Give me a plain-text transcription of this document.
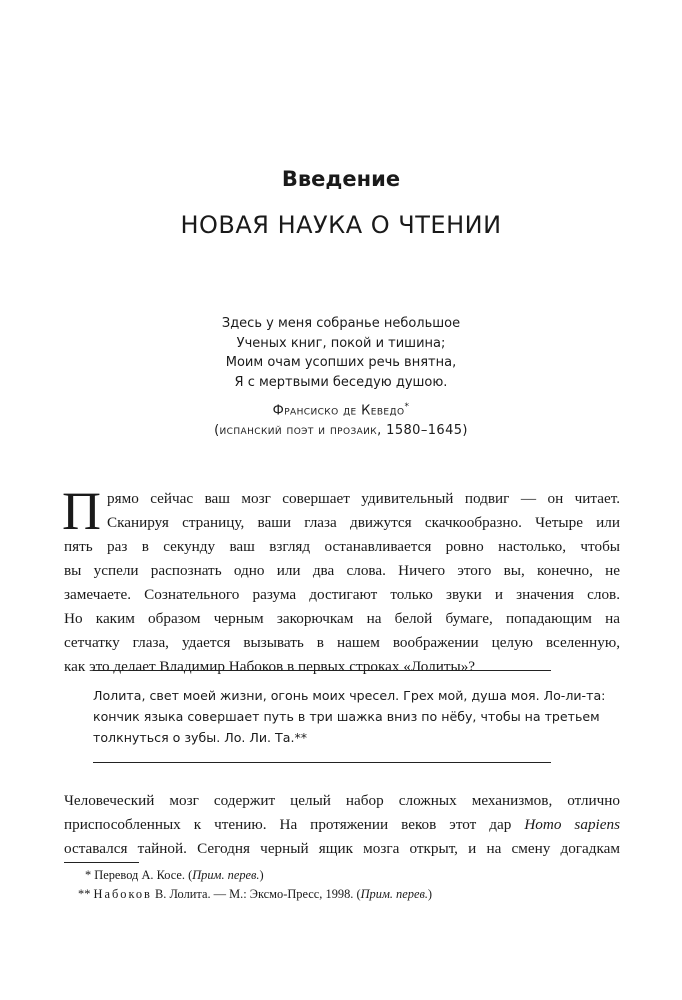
Введение
НОВАЯ НАУКА О ЧТЕНИИ
Здесь у меня собранье небольшое
Ученых книг, покой и тишина;
Моим очам усопших речь внятна,
Я с мертвыми беседую душою.
Франсиско де Кеведо*
(испанский поэт и прозаик, 1580–1645)
П рямо сейчас ваш мозг совершает удивительный подвиг — он читает.
Сканируя страницу, ваши глаза движутся скачкообразно. Четыре или
пять раз в секунду ваш взгляд останавливается ровно настолько, чтобы
вы успели распознать одно или два слова. Ничего этого вы, конечно, не
замечаете. Сознательного разума достигают только звуки и значения слов.
Но каким образом черным закорючкам на белой бумаге, попадающим на
сетчатку глаза, удается вызывать в нашем воображении целую вселенную,
как это делает Владимир Набоков в первых строках «Лолиты»?
Лолита, свет моей жизни, огонь моих чресел. Грех мой, душа моя. Ло-ли-та:
кончик языка совершает путь в три шажка вниз по нёбу, чтобы на третьем
толкнуться о зубы. Ло. Ли. Та.**
Человеческий мозг содержит целый набор сложных механизмов, отлично
приспособленных к чтению. На протяжении веков этот дар Homo sapiens
оставался тайной. Сегодня черный ящик мозга открыт, и на смену догадкам
* Перевод А. Косе. (Прим. перев.)
** Набоков В. Лолита. — М.: Эксмо-Пресс, 1998. (Прим. перев.)
